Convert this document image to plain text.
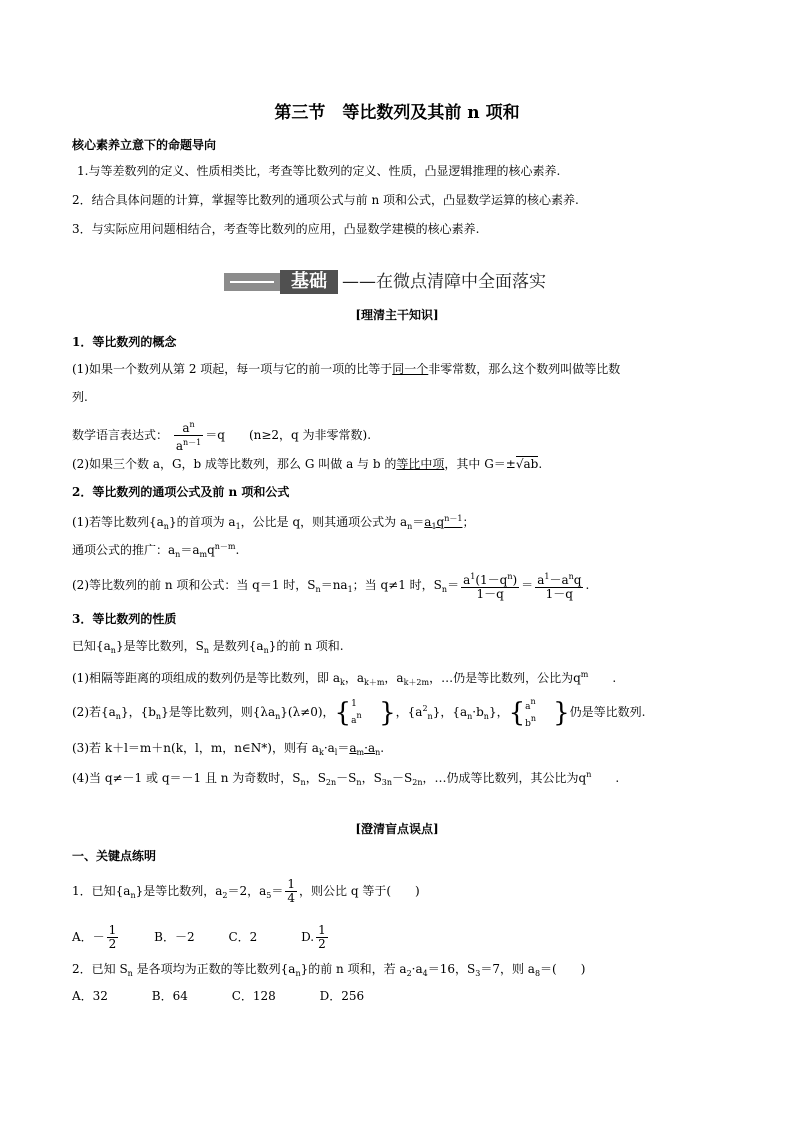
第三节　等比数列及其前 n 项和
核心素养立意下的命题导向
1.与等差数列的定义、性质相类比，考查等比数列的定义、性质，凸显逻辑推理的核心素养.
2．结合具体问题的计算，掌握等比数列的通项公式与前 n 项和公式，凸显数学运算的核心素养.
3．与实际应用问题相结合，考查等比数列的应用，凸显数学建模的核心素养.
基础 ——在微点清障中全面落实
[理清主干知识]
1．等比数列的概念
(1)如果一个数列从第 2 项起，每一项与它的前一项的比等于同一个非零常数，那么这个数列叫做等比数
列.
数学语言表达式： $\frac{a^n}{a^{n-1}} =q$　　(n≥2，q 为非零常数).
(2)如果三个数 a，G，b 成等比数列，那么 G 叫做 a 与 b 的等比中项，其中 G＝±√ab.
2．等比数列的通项公式及前 n 项和公式
(1)若等比数列$\{a_n\}$的首项为 $a_1$，公比是 q，则其通项公式为 $a_n=a_1q^{n-1}$；
通项公式的推广：$a_n=a_mq^{n-m}$.
(2)等比数列的前 n 项和公式：当 q＝1 时，$S_n=na_1$；当 q≠1 时，$S_n= \frac{a^1(1-q^n)}{1-q} = \frac{a^1-a^nq}{1-q}$ .
3．等比数列的性质
已知$\{a_n\}$是等比数列，$S_n$ 是数列$\{a_n\}$的前 n 项和.
(1)相隔等距离的项组成的数列仍是等比数列，即 $a_k$，$a_{k+m}$，$a_{k+2m}$，…仍是等比数列，公比为$q^m$　　.
(2)若$\{a_n\}$，$\{b_n\}$是等比数列，则$\{\lambda a_n\}(\lambda\ne 0)$，{1
an }，$\{a^2_n\}$，$\{a_n\cdot b_n\}$，{an
bn }仍是等比数列.
(3)若 k＋l＝m＋n(k，l，m，n∈N*)，则有 $a_k\cdot a_l=a_m\cdot a_n$.
(4)当 q≠－1 或 q＝－1 且 n 为奇数时，$S_n$，$S_{2n}-S_n$，$S_{3n}-S_{2n}$，…仍成等比数列，其公比为$q^n$　　.
[澄清盲点误点]
一、关键点练明
1．已知$\{a_n\}$是等比数列，$a_2=2$，$a_5= \frac{1}{4}$ ，则公比 q 等于(　　)
A．－ $\frac{1}{2}$	B．－2	C．2	D. $\frac{1}{2}$
2．已知 $S_n$ 是各项均为正数的等比数列$\{a_n\}$的前 n 项和，若 $a_2\cdot a_4=16$，$S_3=7$，则 $a_8=$(　　)
A．32	B．64	C．128	D．256
